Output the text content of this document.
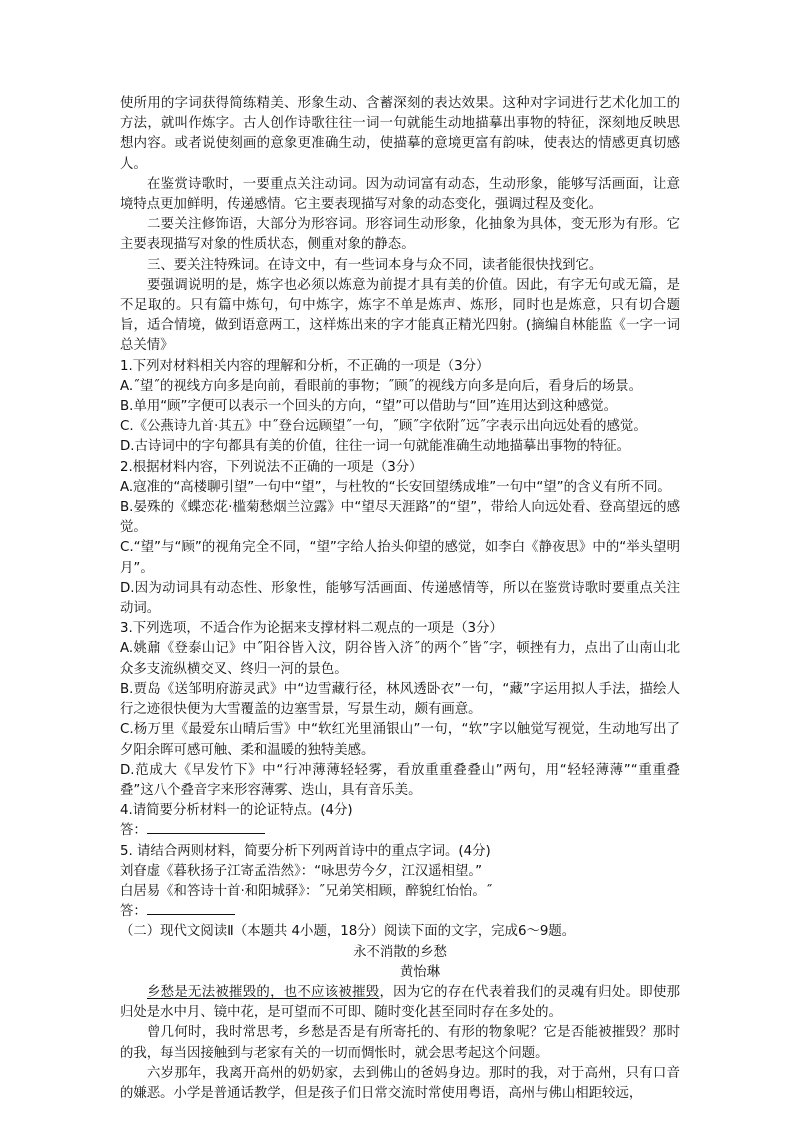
使所用的字词获得简练精美、形象生动、含蓄深刻的表达效果。这种对字词进行艺术化加工的方法，就叫作炼字。古人创作诗歌往往一词一句就能生动地描摹出事物的特征，深刻地反映思想内容。或者说使刻画的意象更准确生动，使描摹的意境更富有韵味，使表达的情感更真切感人。

在鉴赏诗歌时，一要重点关注动词。因为动词富有动态，生动形象，能够写活画面，让意境特点更加鲜明，传递感情。它主要表现描写对象的动态变化，强调过程及变化。

二要关注修饰语，大部分为形容词。形容词生动形象，化抽象为具体，变无形为有形。它主要表现描写对象的性质状态，侧重对象的静态。

三、要关注特殊词。在诗文中，有一些词本身与众不同，读者能很快找到它。

要强调说明的是，炼字也必须以炼意为前提才具有美的价值。因此，有字无句或无篇，是不足取的。只有篇中炼句，句中炼字，炼字不单是炼声、炼形，同时也是炼意，只有切合题旨，适合情境，做到语意两工，这样炼出来的字才能真正精光四射。(摘编自林能监《一字一词总关情》

1.下列对材料相关内容的理解和分析，不正确的一项是（3分）

A.˝望˝的视线方向多是向前，看眼前的事物；˝顾˝的视线方向多是向后，看身后的场景。

B.单用“顾”字便可以表示一个回头的方向，“望”可以借助与“回”连用达到这种感觉。

C.《公燕诗九首·其五》中˝登台远顾望˝一句，˝顾˝字依附˝远˝字表示出向远处看的感觉。

D.古诗词中的字句都具有美的价值，往往一词一句就能准确生动地描摹出事物的特征。

2.根据材料内容，下列说法不正确的一项是（3分）

A.寇准的“高楼聊引望”一句中“望”，与杜牧的“长安回望绣成堆”一句中“望”的含义有所不同。

B.晏殊的《蝶恋花·槛菊愁烟兰泣露》中“望尽天涯路”的“望”，带给人向远处看、登高望远的感觉。

C.“望”与“顾”的视角完全不同，“望”字给人抬头仰望的感觉，如李白《静夜思》中的“举头望明月”。

D.因为动词具有动态性、形象性，能够写活画面、传递感情等，所以在鉴赏诗歌时要重点关注动词。

3.下列选项，不适合作为论据来支撑材料二观点的一项是（3分）

A.姚鼐《登泰山记》中˝阳谷皆入汶，阴谷皆入济˝的两个˝皆˝字，顿挫有力，点出了山南山北众多支流纵横交叉、终归一河的景色。

B.贾岛《送邹明府游灵武》中“边雪藏行径，林风透卧衣”一句，“藏”字运用拟人手法，描绘人行之迹很快便为大雪覆盖的边塞雪景，写景生动，颇有画意。

C.杨万里《最爱东山晴后雪》中“软红光里涌银山”一句，“软”字以触觉写视觉，生动地写出了夕阳余晖可感可触、柔和温暖的独特美感。

D.范成大《早发竹下》中“行冲薄薄轻轻雾，看放重重叠叠山”两句，用“轻轻薄薄”“重重叠叠”这八个叠音字来形容薄雾、迭山，具有音乐美。

4.请简要分析材料一的论证特点。(4分)

答：

5. 请结合两则材料，简要分析下列两首诗中的重点字词。(4分)

刘眘虚《暮秋扬子江寄孟浩然》：“咏思劳今夕，江汉遥相望。”

白居易《和答诗十首·和阳城驿》：˝兄弟笑相顾，醉貌红怡怡。˝

答：

（二）现代文阅读Ⅱ（本题共 4小题，18分）阅读下面的文字，完成6～9题。

永不消散的乡愁

黄怡琳

乡愁是无法被摧毁的，也不应该被摧毁，因为它的存在代表着我们的灵魂有归处。即使那归处是水中月、镜中花，是可望而不可即、随时变化甚至同时存在多处的。

曾几何时，我时常思考，乡愁是否是有所寄托的、有形的物象呢？它是否能被摧毁？那时的我，每当因接触到与老家有关的一切而惆怅时，就会思考起这个问题。

六岁那年，我离开高州的奶奶家，去到佛山的爸妈身边。那时的我，对于高州，只有口音的嫌恶。小学是普通话教学，但是孩子们日常交流时常使用粤语，高州与佛山相距较远，
